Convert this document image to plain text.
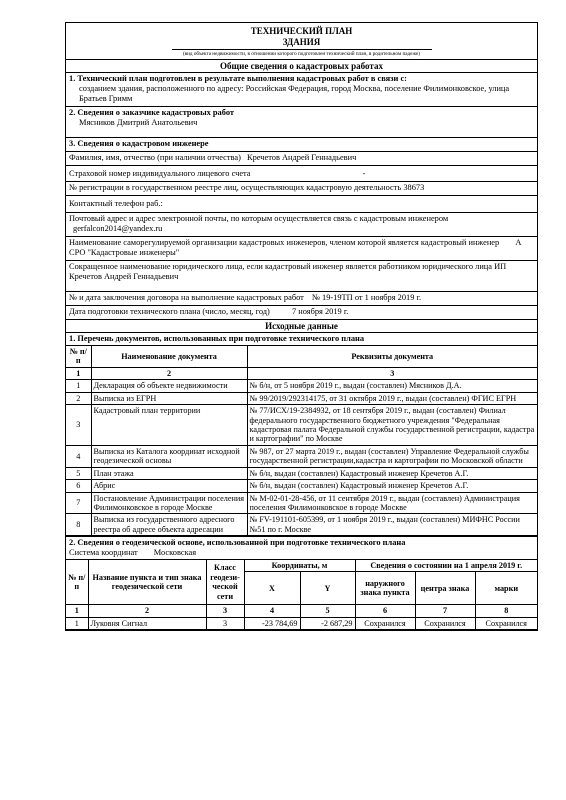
ТЕХНИЧЕСКИЙ ПЛАН
ЗДАНИЯ
(вид объекта недвижимости, в отношении которого подготовлен технический план, в родительном падеже)
Общие сведения о кадастровых работах
1. Технический план подготовлен в результате выполнения кадастровых работ в связи с:
созданием здания, расположенного по адресу: Российская Федерация, город Москва, поселение Филимонковское, улица Братьев Гримм
2. Сведения о заказчике кадастровых работ
Мясников Дмитрий Анатольевич
3. Сведения о кадастровом инженере
Фамилия, имя, отчество (при наличии отчества) Кречетов Андрей Геннадьевич
Страховой номер индивидуального лицевого счета	-
№ регистрации в государственном реестре лиц, осуществляющих кадастровую деятельность 38673
Контактный телефон раб.:
Почтовый адрес и адрес электронной почты, по которым осуществляется связь с кадастровым инженером
gerfalcon2014@yandex.ru
Наименование саморегулируемой организации кадастровых инженеров, членом которой является кадастровый инженер А СРО "Кадастровые инженеры"
Сокращенное наименование юридического лица, если кадастровый инженер является работником юридического лица ИП Кречетов Андрей Геннадьевич
№ и дата заключения договора на выполнение кадастровых работ № 19-19ТП от 1 ноября 2019 г.
Дата подготовки технического плана (число, месяц, год)	7 ноября 2019 г.
Исходные данные
1. Перечень документов, использованных при подготовке технического плана
№ п/п	Наименование документа	Реквизиты документа
1	2	3
1	Декларация об объекте недвижимости	№ б/н, от 5 ноября 2019 г., выдан (составлен) Мясников Д.А.
2	Выписка из ЕГРН	№ 99/2019/292314175, от 31 октября 2019 г., выдан (составлен) ФГИС ЕГРН
3	Кадастровый план территории	№ 77/ИСХ/19-2384932, от 18 сентября 2019 г., выдан (составлен) Филиал федерального государственного бюджетного учреждения "Федеральная кадастровая палата Федеральной службы государственной регистрации, кадастра и картографии" по Москве
4	Выписка из Каталога координат исходной геодезической основы	№ 987, от 27 марта 2019 г., выдан (составлен) Управление Федеральной службы государственной регистрации,кадастра и картографии по Московской области
5	План этажа	№ б/н, выдан (составлен) Кадастровый инженер Кречетов А.Г.
6	Абрис	№ б/н, выдан (составлен) Кадастровый инженер Кречетов А.Г.
7	Постановление Администрации поселения Филимонковское в городе Москве	№ М-02-01-28-456, от 11 сентября 2019 г., выдан (составлен) Администрация поселения Филимонковское в городе Москве
8	Выписка из государственного адресного реестра об адресе объекта адресации	№ FV-191101-605399, от 1 ноября 2019 г., выдан (составлен) МИФНС России №51 по г. Москве
2. Сведения о геодезической основе, использованной при подготовке технического плана
Система координат Московская
№ п/п	Название пункта и тип знака геодезической сети	Класс геодези-ческой сети	Координаты, м		Сведения о состоянии на 1 апреля 2019 г.		
			X	Y	наружного знака пункта	центра знака	марки
1	2	3	4	5	6	7	8
1	Луковня Сигнал	3	-23 784,69	-2 687,29	Сохранился	Сохранился	Сохранился
